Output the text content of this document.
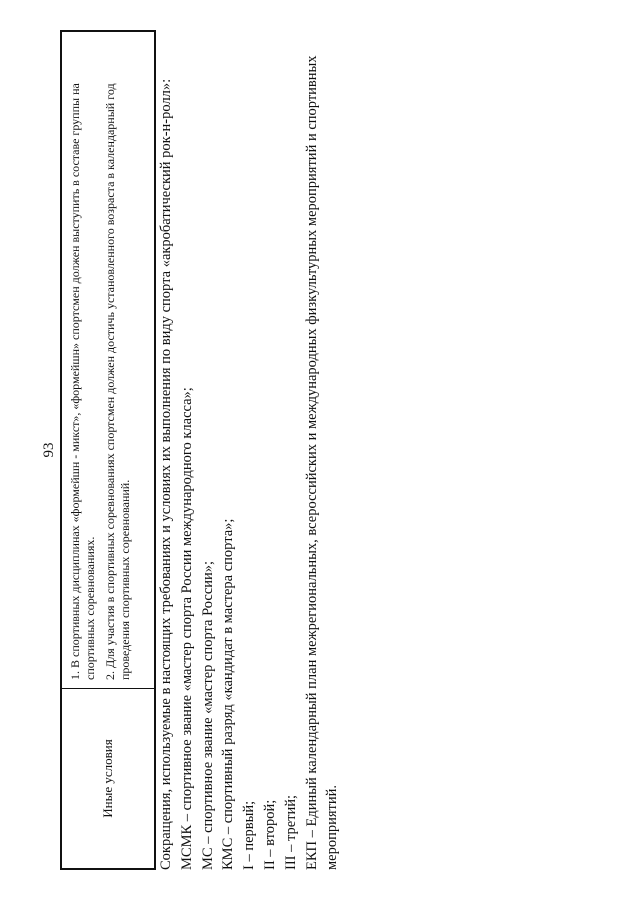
93
Иные условия

1. В спортивных дисциплинах «формейшн - микст», «формейшн» спортсмен должен выступить в составе группы на спортивных соревнованиях. 2. Для участия в спортивных соревнованиях спортсмен должен достичь установленного возраста в календарный год проведения спортивных соревнований. Сокращения, используемые в настоящих требованиях и условиях их выполнения по виду спорта «акробатический рок-н-ролл»: МСМК – спортивное звание «мастер спорта России международного класса»; МС – спортивное звание «мастер спорта России»; КМС – спортивный разряд «кандидат в мастера спорта»; I – первый; II – второй; III – третий; ЕКП – Единый календарный план межрегиональных, всероссийских и международных физкультурных мероприятий и спортивных мероприятий.
